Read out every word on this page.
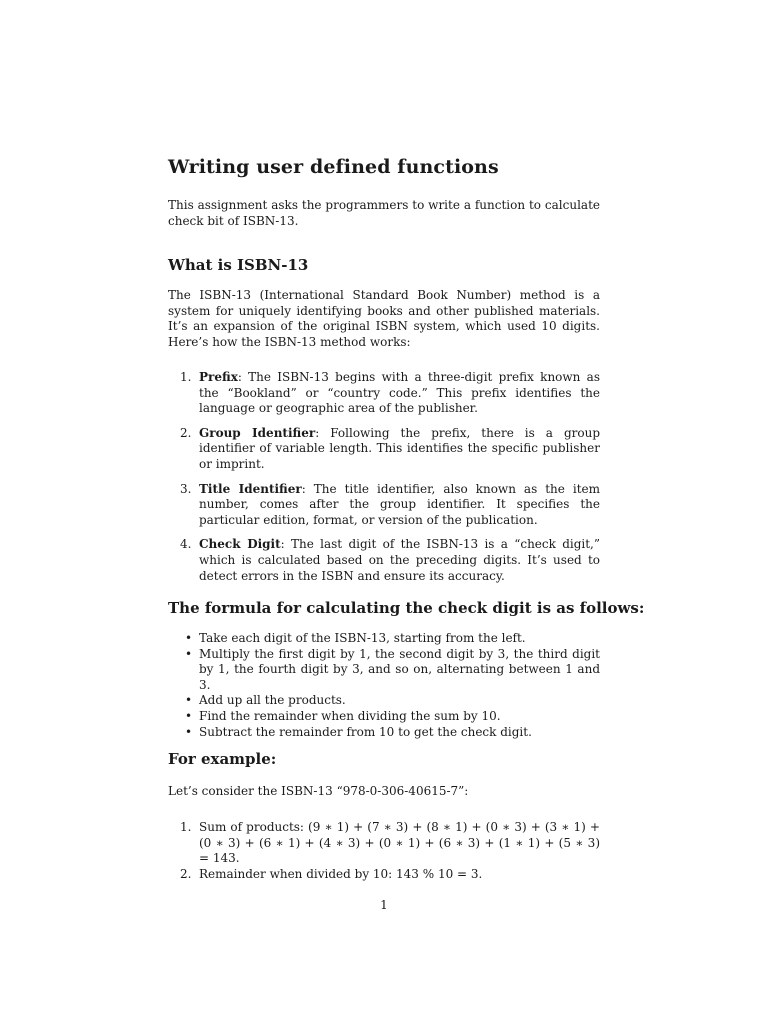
Writing user defined functions

This assignment asks the programmers to write a function to calculate check bit of ISBN-13.

What is ISBN-13

The ISBN-13 (International Standard Book Number) method is a system for uniquely identifying books and other published materials. It’s an expansion of the original ISBN system, which used 10 digits. Here’s how the ISBN-13 method works:

1. Prefix: The ISBN-13 begins with a three-digit prefix known as the “Bookland” or “country code.” This prefix identifies the language or geographic area of the publisher.
2. Group Identifier: Following the prefix, there is a group identifier of variable length. This identifies the specific publisher or imprint.
3. Title Identifier: The title identifier, also known as the item number, comes after the group identifier. It specifies the particular edition, format, or version of the publication.
4. Check Digit: The last digit of the ISBN-13 is a “check digit,” which is calculated based on the preceding digits. It’s used to detect errors in the ISBN and ensure its accuracy.
The formula for calculating the check digit is as follows:
• Take each digit of the ISBN-13, starting from the left.
• Multiply the first digit by 1, the second digit by 3, the third digit by 1, the fourth digit by 3, and so on, alternating between 1 and 3.
• Add up all the products.
• Find the remainder when dividing the sum by 10.
• Subtract the remainder from 10 to get the check digit.
For example:

Let’s consider the ISBN-13 “978-0-306-40615-7”:

1. Sum of products: (9 ∗ 1) + (7 ∗ 3) + (8 ∗ 1) + (0 ∗ 3) + (3 ∗ 1) + (0 ∗ 3) + (6 ∗ 1) + (4 ∗ 3) + (0 ∗ 1) + (6 ∗ 3) + (1 ∗ 1) + (5 ∗ 3) = 143.
2. Remainder when divided by 10: 143 % 10 = 3.
1
